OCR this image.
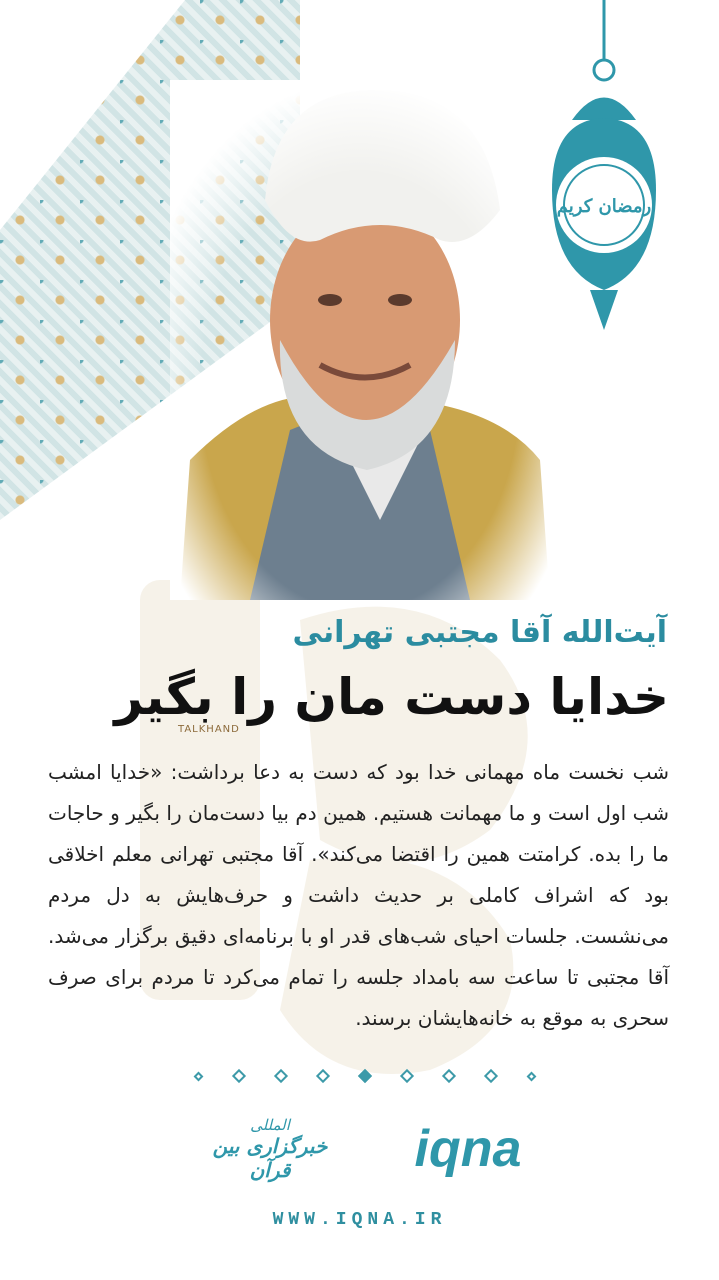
رمضان کریم
آیت‌الله آقا مجتبی تهرانی
خدایا دست مان را بگیر
TALKHAND
شب نخست ماه مهمانی خدا بود که دست به دعا برداشت: «خدایا امشب شب اول است و ما مهمانت هستیم. همین دم بیا دست‌مان را بگیر و حاجات ما را بده. کرامتت همین را اقتضا می‌کند». آقا مجتبی تهرانی معلم اخلاقی بود که اشراف کاملی بر حدیث داشت و حرف‌هایش به دل مردم می‌نشست. جلسات احیای شب‌های قدر او با برنامه‌ای دقیق برگزار می‌شد. آقا مجتبی تا ساعت سه بامداد جلسه را تمام می‌کرد تا مردم برای صرف سحری به موقع به خانه‌هایشان برسند.
iqna
المللی
خبرگزاری بین قرآن
WWW.IQNA.IR
